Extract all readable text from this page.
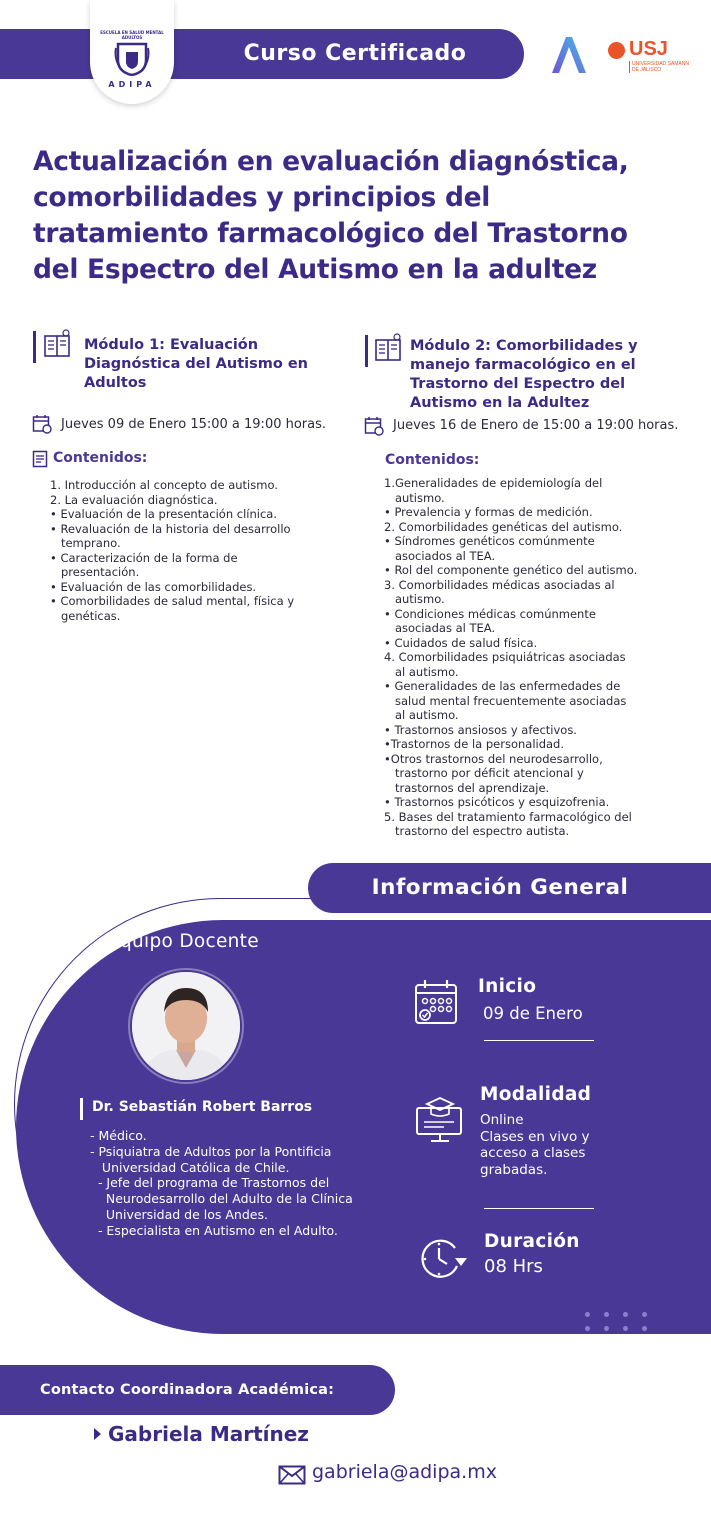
Curso Certificado
ESCUELA EN SALUD MENTAL ADULTOS
ADIPA
USJ
UNIVERSIDAD SAMANN DE JALISCO
Actualización en evaluación diagnóstica,
comorbilidades y principios del
tratamiento farmacológico del Trastorno
del Espectro del Autismo en la adultez
Módulo 1: Evaluación
Diagnóstica del Autismo en
Adultos
Jueves 09 de Enero 15:00 a 19:00 horas.
Contenidos:
1. Introducción al concepto de autismo.
2. La evaluación diagnóstica.
• Evaluación de la presentación clínica.
• Revaluación de la historia del desarrollo
temprano.
• Caracterización de la forma de
presentación.
• Evaluación de las comorbilidades.
• Comorbilidades de salud mental, física y
genéticas.
Módulo 2: Comorbilidades y
manejo farmacológico en el
Trastorno del Espectro del
Autismo en la Adultez
Jueves 16 de Enero de 15:00 a 19:00 horas.
Contenidos:
1.Generalidades de epidemiología del
autismo.
• Prevalencia y formas de medición.
2. Comorbilidades genéticas del autismo.
• Síndromes genéticos comúnmente
asociados al TEA.
• Rol del componente genético del autismo.
3. Comorbilidades médicas asociadas al
autismo.
• Condiciones médicas comúnmente
asociadas al TEA.
• Cuidados de salud física.
4. Comorbilidades psiquiátricas asociadas
al autismo.
• Generalidades de las enfermedades de
salud mental frecuentemente asociadas
al autismo.
• Trastornos ansiosos y afectivos.
•Trastornos de la personalidad.
•Otros trastornos del neurodesarrollo,
trastorno por déficit atencional y
trastornos del aprendizaje.
• Trastornos psicóticos y esquizofrenia.
5. Bases del tratamiento farmacológico del
trastorno del espectro autista.
Información General
Equipo Docente
Dr. Sebastián Robert Barros
- Médico.
- Psiquiatra de Adultos por la Pontificia
Universidad Católica de Chile.
- Jefe del programa de Trastornos del
Neurodesarrollo del Adulto de la Clínica
Universidad de los Andes.
- Especialista en Autismo en el Adulto.
Inicio
09 de Enero
Modalidad
Online
Clases en vivo y
acceso a clases
grabadas.
Duración
08 Hrs

Contacto Coordinadora Académica:
Gabriela Martínez
gabriela@adipa.mx
